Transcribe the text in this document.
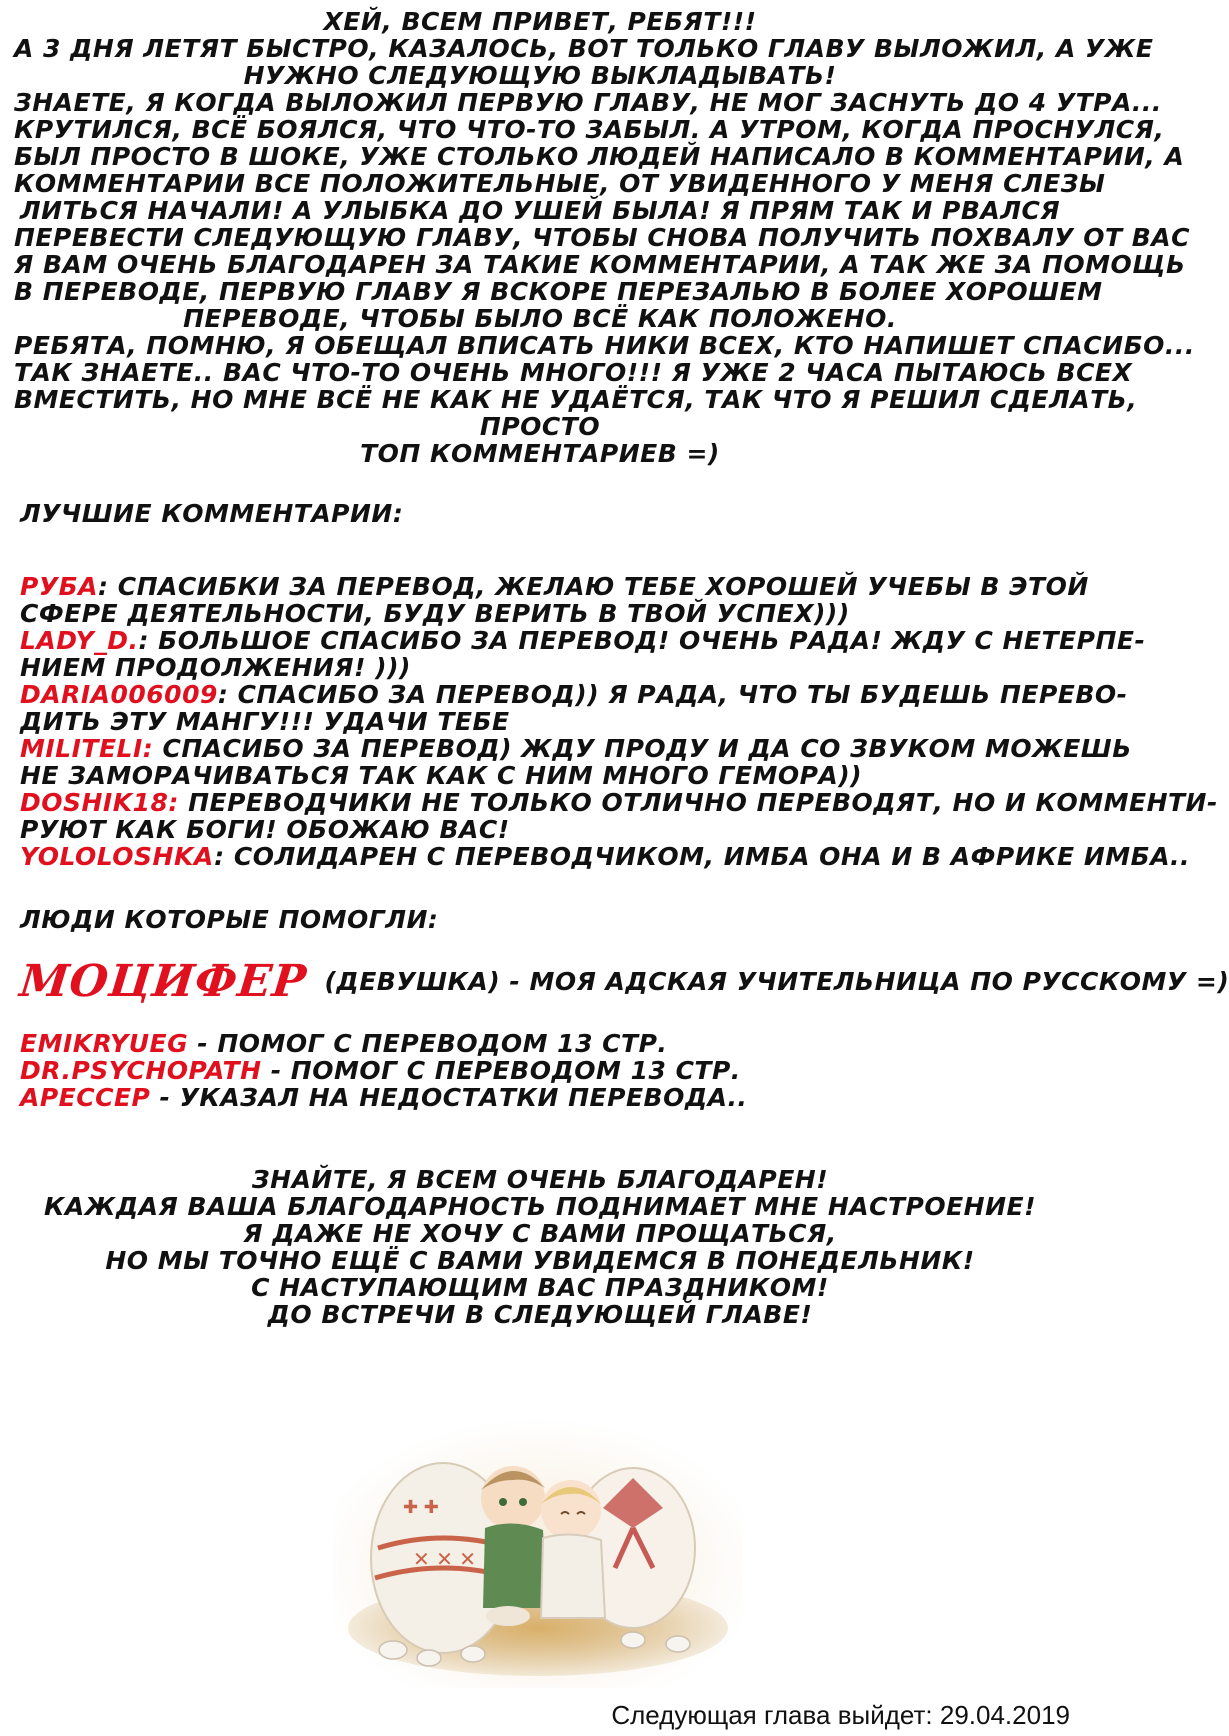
ХЕЙ, ВСЕМ ПРИВЕТ, РЕБЯТ!!!
А 3 ДНЯ ЛЕТЯТ БЫСТРО, КАЗАЛОСЬ, ВОТ ТОЛЬКО ГЛАВУ ВЫЛОЖИЛ, А УЖЕ
НУЖНО СЛЕДУЮЩУЮ ВЫКЛАДЫВАТЬ!
ЗНАЕТЕ, Я КОГДА ВЫЛОЖИЛ ПЕРВУЮ ГЛАВУ, НЕ МОГ ЗАСНУТЬ ДО 4 УТРА...
КРУТИЛСЯ, ВСЁ БОЯЛСЯ, ЧТО ЧТО-ТО ЗАБЫЛ. А УТРОМ, КОГДА ПРОСНУЛСЯ,
БЫЛ ПРОСТО В ШОКЕ, УЖЕ СТОЛЬКО ЛЮДЕЙ НАПИСАЛО В КОММЕНТАРИИ, А
КОММЕНТАРИИ ВСЕ ПОЛОЖИТЕЛЬНЫЕ, ОТ УВИДЕННОГО У МЕНЯ СЛЕЗЫ
ЛИТЬСЯ НАЧАЛИ! А УЛЫБКА ДО УШЕЙ БЫЛА! Я ПРЯМ ТАК И РВАЛСЯ
ПЕРЕВЕСТИ СЛЕДУЮЩУЮ ГЛАВУ, ЧТОБЫ СНОВА ПОЛУЧИТЬ ПОХВАЛУ ОТ ВАС
Я ВАМ ОЧЕНЬ БЛАГОДАРЕН ЗА ТАКИЕ КОММЕНТАРИИ, А ТАК ЖЕ ЗА ПОМОЩЬ
В ПЕРЕВОДЕ, ПЕРВУЮ ГЛАВУ Я ВСКОРЕ ПЕРЕЗАЛЬЮ В БОЛЕЕ ХОРОШЕМ
ПЕРЕВОДЕ, ЧТОБЫ БЫЛО ВСЁ КАК ПОЛОЖЕНО.
РЕБЯТА, ПОМНЮ, Я ОБЕЩАЛ ВПИСАТЬ НИКИ ВСЕХ, КТО НАПИШЕТ СПАСИБО...
ТАК ЗНАЕТЕ.. ВАС ЧТО-ТО ОЧЕНЬ МНОГО!!! Я УЖЕ 2 ЧАСА ПЫТАЮСЬ ВСЕХ
ВМЕСТИТЬ, НО МНЕ ВСЁ НЕ КАК НЕ УДАЁТСЯ, ТАК ЧТО Я РЕШИЛ СДЕЛАТЬ,
ПРОСТО
ТОП КОММЕНТАРИЕВ =)
ЛУЧШИЕ КОММЕНТАРИИ:
РУБА: СПАСИБКИ ЗА ПЕРЕВОД, ЖЕЛАЮ ТЕБЕ ХОРОШЕЙ УЧЕБЫ В ЭТОЙ
СФЕРЕ ДЕЯТЕЛЬНОСТИ, БУДУ ВЕРИТЬ В ТВОЙ УСПЕХ)))
LADY_D.: БОЛЬШОЕ СПАСИБО ЗА ПЕРЕВОД! ОЧЕНЬ РАДА! ЖДУ С НЕТЕРПЕ-
НИЕМ ПРОДОЛЖЕНИЯ! )))
DARIA006009: СПАСИБО ЗА ПЕРЕВОД)) Я РАДА, ЧТО ТЫ БУДЕШЬ ПЕРЕВО-
ДИТЬ ЭТУ МАНГУ!!! УДАЧИ ТЕБЕ
MILITELI: СПАСИБО ЗА ПЕРЕВОД) ЖДУ ПРОДУ И ДА СО ЗВУКОМ МОЖЕШЬ
НЕ ЗАМОРАЧИВАТЬСЯ ТАК КАК С НИМ МНОГО ГЕМОРА))
DOSHIK18: ПЕРЕВОДЧИКИ НЕ ТОЛЬКО ОТЛИЧНО ПЕРЕВОДЯТ, НО И КОММЕНТИ-
РУЮТ КАК БОГИ! ОБОЖАЮ ВАС!
YOLOLOSHKA: СОЛИДАРЕН С ПЕРЕВОДЧИКОМ, ИМБА ОНА И В АФРИКЕ ИМБА..
ЛЮДИ КОТОРЫЕ ПОМОГЛИ:
МОЦИФЕР (ДЕВУШКА) - МОЯ АДСКАЯ УЧИТЕЛЬНИЦА ПО РУССКОМУ =)
EMIKRYUEG - ПОМОГ С ПЕРЕВОДОМ 13 СТР.
DR.PSYCHOPATH - ПОМОГ С ПЕРЕВОДОМ 13 СТР.
АРЕССЕР - УКАЗАЛ НА НЕДОСТАТКИ ПЕРЕВОДА..
ЗНАЙТЕ, Я ВСЕМ ОЧЕНЬ БЛАГОДАРЕН!
КАЖДАЯ ВАША БЛАГОДАРНОСТЬ ПОДНИМАЕТ МНЕ НАСТРОЕНИЕ!
Я ДАЖЕ НЕ ХОЧУ С ВАМИ ПРОЩАТЬСЯ,
НО МЫ ТОЧНО ЕЩЁ С ВАМИ УВИДЕМСЯ В ПОНЕДЕЛЬНИК!
С НАСТУПАЮЩИМ ВАС ПРАЗДНИКОМ!
ДО ВСТРЕЧИ В СЛЕДУЮЩЕЙ ГЛАВЕ!
✕ ✕ ✕
✚ ✚
Следующая глава выйдет: 29.04.2019
